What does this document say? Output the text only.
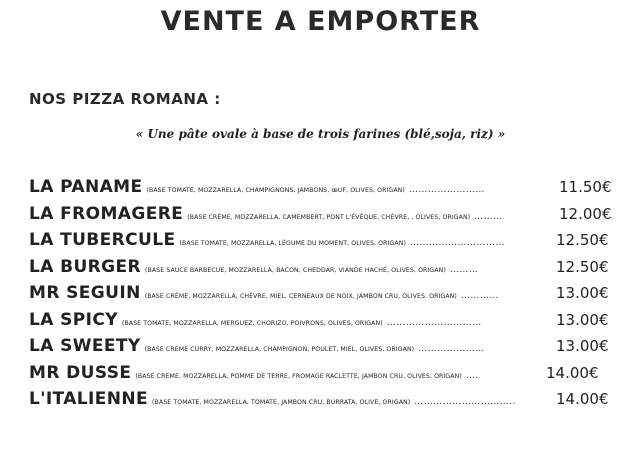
VENTE A EMPORTER
NOS PIZZA ROMANA :
« Une pâte ovale à base de trois farines (blé,soja, riz) »
LA PANAME (BASE TOMATE, MOZZARELLA, CHAMPIGNONS, JAMBONS, œUF, OLIVES, ORIGAN) ……………………	11.50€
LA FROMAGERE (BASE CRÈME, MOZZARELLA, CAMEMBERT, PONT L'ÉVÊQUE, CHÈVRE, , OLIVES, ORIGAN) ………	12.00€
LA TUBERCULE (BASE TOMATE, MOZZARELLA, LÉGUME DU MOMENT, OLIVES, ORIGAN) …………………………	12.50€
LA BURGER (BASE SAUCE BARBECUE, MOZZARELLA, BACON, CHEDDAR, VIANDE HACHÉ, OLIVES, ORIGAN) ………	12.50€
MR SEGUIN (BASE CRÈME, MOZZARELLA, CHÈVRE, MIEL, CERNEAUX DE NOIX, JAMBON CRU, OLIVES, ORIGAN) …………	13.00€
LA SPICY (BASE TOMATE, MOZZARELLA, MERGUEZ, CHORIZO, POIVRONS, OLIVES, ORIGAN) …………………………	13.00€
LA SWEETY (BASE CREME CURRY, MOZZARELLA, CHAMPIGNON, POULET, MIEL, OLIVES, ORIGAN) …………………	13.00€
MR DUSSE (BASE CREME, MOZZARELLA, POMME DE TERRE, FROMAGE RACLETTE, JAMBON CRU, OLIVES, ORIGAN) ….	14.00€
L'ITALIENNE (BASE TOMATE, MOZZARELLA, TOMATE, JAMBON CRU, BURRATA, OLIVE, ORIGAN) …………………………..	14.00€
